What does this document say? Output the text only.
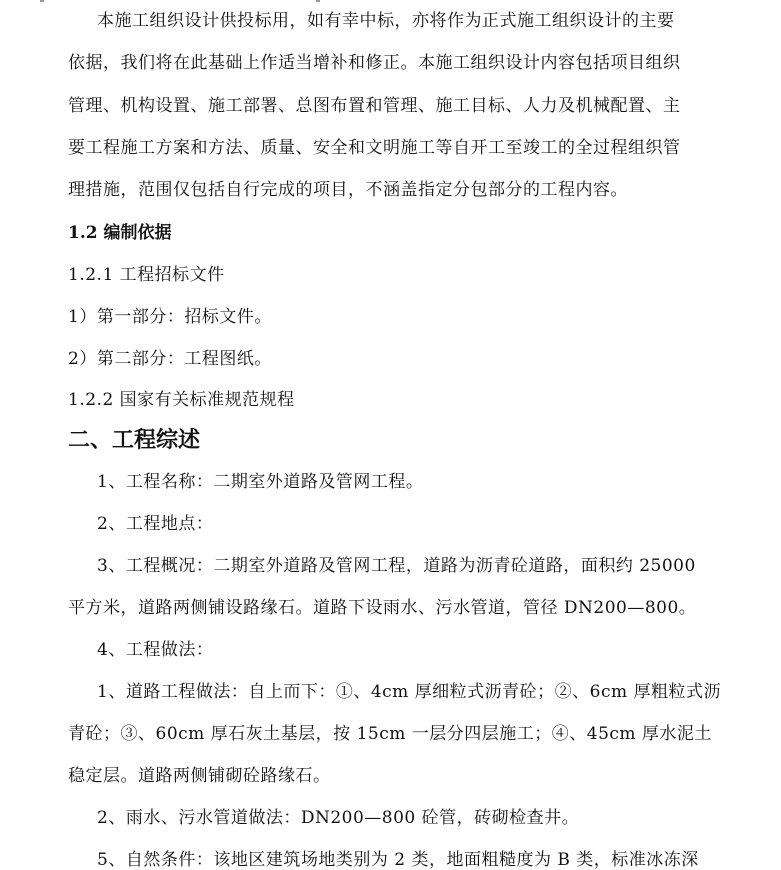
本施工组织设计供投标用，如有幸中标，亦将作为正式施工组织设计的主要
依据，我们将在此基础上作适当增补和修正。本施工组织设计内容包括项目组织
管理、机构设置、施工部署、总图布置和管理、施工目标、人力及机械配置、主
要工程施工方案和方法、质量、安全和文明施工等自开工至竣工的全过程组织管
理措施，范围仅包括自行完成的项目，不涵盖指定分包部分的工程内容。
1.2 编制依据
1.2.1 工程招标文件
1）第一部分：招标文件。
2）第二部分：工程图纸。
1.2.2 国家有关标准规范规程
二、工程综述
1、工程名称：二期室外道路及管网工程。
2、工程地点：
3、工程概况：二期室外道路及管网工程，道路为沥青砼道路，面积约 25000
平方米，道路两侧铺设路缘石。道路下设雨水、污水管道，管径 DN200—800。
4、工程做法：
1、道路工程做法：自上而下：①、4cm 厚细粒式沥青砼；②、6cm 厚粗粒式沥
青砼；③、60cm 厚石灰土基层，按 15cm 一层分四层施工；④、45cm 厚水泥土
稳定层。道路两侧铺砌砼路缘石。
2、雨水、污水管道做法：DN200—800 砼管，砖砌检查井。
5、自然条件：该地区建筑场地类别为 2 类，地面粗糙度为 B 类，标准冰冻深
